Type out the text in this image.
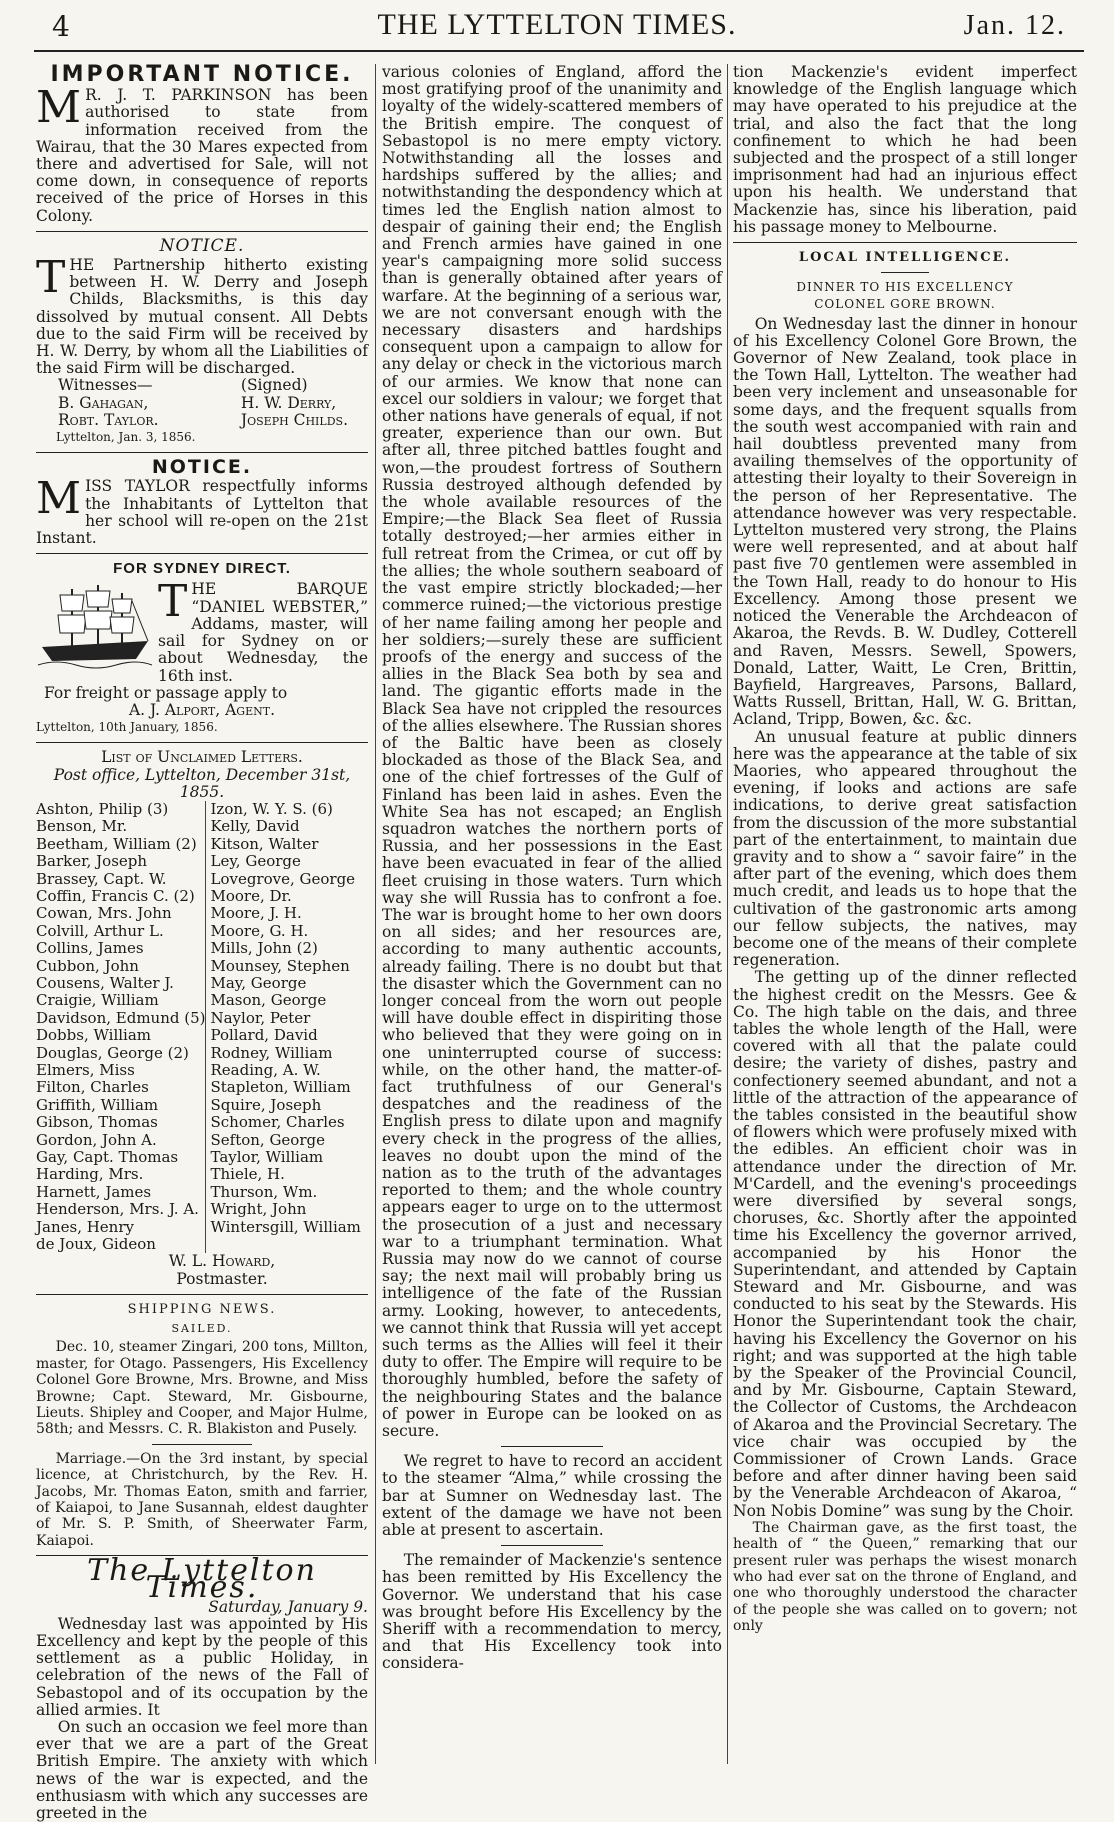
4	THE LYTTELTON TIMES.	Jan. 12.
IMPORTANT NOTICE.

M R. J. T. PARKINSON has been authorised to state from information received from the Wairau, that the 30 Mares expected from there and advertised for Sale, will not come down, in consequence of reports received of the price of Horses in this Colony.

NOTICE.

THE Partnership hitherto existing between H. W. Derry and Joseph Childs, Blacksmiths, is this day dissolved by mutual consent. All Debts due to the said Firm will be received by H. W. Derry, by whom all the Liabilities of the said Firm will be discharged.

Witnesses—
B. Gahagan,
Robt. Taylor.
(Signed)
H. W. Derry,
Joseph Childs.
Lyttelton, Jan. 3, 1856.
NOTICE.

MISS TAYLOR respectfully informs the Inhabitants of Lyttelton that her school will re-open on the 21st Instant.

FOR SYDNEY DIRECT.

THE BARQUE “DANIEL WEBSTER,” Addams, master, will sail for Sydney on or about Wednesday, the 16th inst.

For freight or passage apply to
A. J. Alport, Agent.
Lyttelton, 10th January, 1856.
List of Unclaimed Letters.
Post office, Lyttelton, December 31st, 1855.
Ashton, Philip (3)
Benson, Mr.
Beetham, William (2)
Barker, Joseph
Brassey, Capt. W.
Coffin, Francis C. (2)
Cowan, Mrs. John
Colvill, Arthur L.
Collins, James
Cubbon, John
Cousens, Walter J.
Craigie, William
Davidson, Edmund (5)
Dobbs, William
Douglas, George (2)
Elmers, Miss
Filton, Charles
Griffith, William
Gibson, Thomas
Gordon, John A.
Gay, Capt. Thomas
Harding, Mrs.
Harnett, James
Henderson, Mrs. J. A.
Janes, Henry
de Joux, Gideon
Izon, W. Y. S. (6)
Kelly, David
Kitson, Walter
Ley, George
Lovegrove, George
Moore, Dr.
Moore, J. H.
Moore, G. H.
Mills, John (2)
Mounsey, Stephen
May, George
Mason, George
Naylor, Peter
Pollard, David
Rodney, William
Reading, A. W.
Stapleton, William
Squire, Joseph
Schomer, Charles
Sefton, George
Taylor, William
Thiele, H.
Thurson, Wm.
Wright, John
Wintersgill, William
W. L. Howard,
Postmaster.
SHIPPING NEWS.
SAILED.

Dec. 10, steamer Zingari, 200 tons, Millton, master, for Otago. Passengers, His Excellency Colonel Gore Browne, Mrs. Browne, and Miss Browne; Capt. Steward, Mr. Gisbourne, Lieuts. Shipley and Cooper, and Major Hulme, 58th; and Messrs. C. R. Blakiston and Pusely.

Marriage.—On the 3rd instant, by special licence, at Christchurch, by the Rev. H. Jacobs, Mr. Thomas Eaton, smith and farrier, of Kaiapoi, to Jane Susannah, eldest daughter of Mr. S. P. Smith, of Sheerwater Farm, Kaiapoi.

The Lyttelton Times.
Saturday, January 9.

Wednesday last was appointed by His Excellency and kept by the people of this settlement as a public Holiday, in celebration of the news of the Fall of Sebastopol and of its occupation by the allied armies. It

On such an occasion we feel more than ever that we are a part of the Great British Empire. The anxiety with which news of the war is expected, and the enthusiasm with which any successes are greeted in the

various colonies of England, afford the most gratifying proof of the unanimity and loyalty of the widely-scattered members of the British empire. The conquest of Sebastopol is no mere empty victory. Notwithstanding all the losses and hardships suffered by the allies; and notwithstanding the despondency which at times led the English nation almost to despair of gaining their end; the English and French armies have gained in one year's campaigning more solid success than is generally obtained after years of warfare. At the beginning of a serious war, we are not conversant enough with the necessary disasters and hardships consequent upon a campaign to allow for any delay or check in the victorious march of our armies. We know that none can excel our soldiers in valour; we forget that other nations have generals of equal, if not greater, experience than our own. But after all, three pitched battles fought and won,—the proudest fortress of Southern Russia destroyed although defended by the whole available resources of the Empire;—the Black Sea fleet of Russia totally destroyed;—her armies either in full retreat from the Crimea, or cut off by the allies; the whole southern seaboard of the vast empire strictly blockaded;—her commerce ruined;—the victorious prestige of her name failing among her people and her soldiers;—surely these are sufficient proofs of the energy and success of the allies in the Black Sea both by sea and land. The gigantic efforts made in the Black Sea have not crippled the resources of the allies elsewhere. The Russian shores of the Baltic have been as closely blockaded as those of the Black Sea, and one of the chief fortresses of the Gulf of Finland has been laid in ashes. Even the White Sea has not escaped; an English squadron watches the northern ports of Russia, and her possessions in the East have been evacuated in fear of the allied fleet cruising in those waters. Turn which way she will Russia has to confront a foe. The war is brought home to her own doors on all sides; and her resources are, according to many authentic accounts, already failing. There is no doubt but that the disaster which the Government can no longer conceal from the worn out people will have double effect in dispiriting those who believed that they were going on in one uninterrupted course of success: while, on the other hand, the matter-of-fact truthfulness of our General's despatches and the readiness of the English press to dilate upon and magnify every check in the progress of the allies, leaves no doubt upon the mind of the nation as to the truth of the advantages reported to them; and the whole country appears eager to urge on to the uttermost the prosecution of a just and necessary war to a triumphant termination. What Russia may now do we cannot of course say; the next mail will probably bring us intelligence of the fate of the Russian army. Looking, however, to antecedents, we cannot think that Russia will yet accept such terms as the Allies will feel it their duty to offer. The Empire will require to be thoroughly humbled, before the safety of the neighbouring States and the balance of power in Europe can be looked on as secure.

We regret to have to record an accident to the steamer “Alma,” while crossing the bar at Sumner on Wednesday last. The extent of the damage we have not been able at present to ascertain.

The remainder of Mackenzie's sentence has been remitted by His Excellency the Governor. We understand that his case was brought before His Excellency by the Sheriff with a recommendation to mercy, and that His Excellency took into considera-

tion Mackenzie's evident imperfect knowledge of the English language which may have operated to his prejudice at the trial, and also the fact that the long confinement to which he had been subjected and the prospect of a still longer imprisonment had had an injurious effect upon his health. We understand that Mackenzie has, since his liberation, paid his passage money to Melbourne.

LOCAL INTELLIGENCE.
DINNER TO HIS EXCELLENCY COLONEL GORE BROWN.

On Wednesday last the dinner in honour of his Excellency Colonel Gore Brown, the Governor of New Zealand, took place in the Town Hall, Lyttelton. The weather had been very inclement and unseasonable for some days, and the frequent squalls from the south west accompanied with rain and hail doubtless prevented many from availing themselves of the opportunity of attesting their loyalty to their Sovereign in the person of her Representative. The attendance however was very respectable. Lyttelton mustered very strong, the Plains were well represented, and at about half past five 70 gentlemen were assembled in the Town Hall, ready to do honour to His Excellency. Among those present we noticed the Venerable the Archdeacon of Akaroa, the Revds. B. W. Dudley, Cotterell and Raven, Messrs. Sewell, Spowers, Donald, Latter, Waitt, Le Cren, Brittin, Bayfield, Hargreaves, Parsons, Ballard, Watts Russell, Brittan, Hall, W. G. Brittan, Acland, Tripp, Bowen, &c. &c.

An unusual feature at public dinners here was the appearance at the table of six Maories, who appeared throughout the evening, if looks and actions are safe indications, to derive great satisfaction from the discussion of the more substantial part of the entertainment, to maintain due gravity and to show a “ savoir faire” in the after part of the evening, which does them much credit, and leads us to hope that the cultivation of the gastronomic arts among our fellow subjects, the natives, may become one of the means of their complete regeneration.

The getting up of the dinner reflected the highest credit on the Messrs. Gee & Co. The high table on the dais, and three tables the whole length of the Hall, were covered with all that the palate could desire; the variety of dishes, pastry and confectionery seemed abundant, and not a little of the attraction of the appearance of the tables consisted in the beautiful show of flowers which were profusely mixed with the edibles. An efficient choir was in attendance under the direction of Mr. M'Cardell, and the evening's proceedings were diversified by several songs, choruses, &c. Shortly after the appointed time his Excellency the governor arrived, accompanied by his Honor the Superintendant, and attended by Captain Steward and Mr. Gisbourne, and was conducted to his seat by the Stewards. His Honor the Superintendant took the chair, having his Excellency the Governor on his right; and was supported at the high table by the Speaker of the Provincial Council, and by Mr. Gisbourne, Captain Steward, the Collector of Customs, the Archdeacon of Akaroa and the Provincial Secretary. The vice chair was occupied by the Commissioner of Crown Lands. Grace before and after dinner having been said by the Venerable Archdeacon of Akaroa, “ Non Nobis Domine” was sung by the Choir.

The Chairman gave, as the first toast, the health of “ the Queen,” remarking that our present ruler was perhaps the wisest monarch who had ever sat on the throne of England, and one who thoroughly understood the character of the people she was called on to govern; not only
